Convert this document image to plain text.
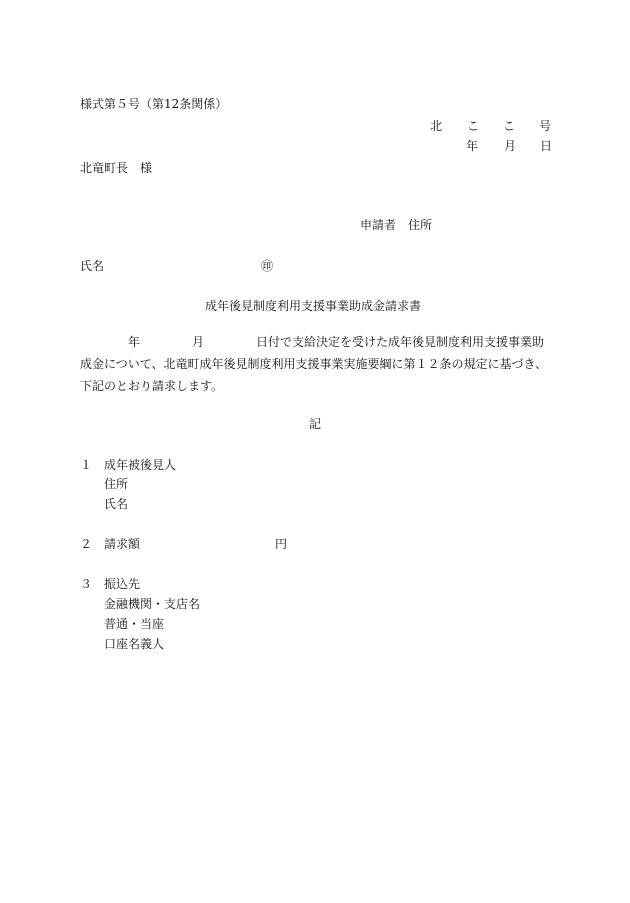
様式第５号（第12条関係）
北 こ こ 号
年 月 日
北竜町長　様
申請者　住所
氏名	㊞
成年後見制度利用支援事業助成金請求書
年	月	日付で支給決定を受けた成年後見制度利用支援事業助
成金について、北竜町成年後見制度利用支援事業実施要綱に第１２条の規定に基づき、
下記のとおり請求します。
記
１ 成年被後見人
住所
氏名
２ 請求額	円
３ 振込先
金融機関・支店名
普通・当座
口座名義人
